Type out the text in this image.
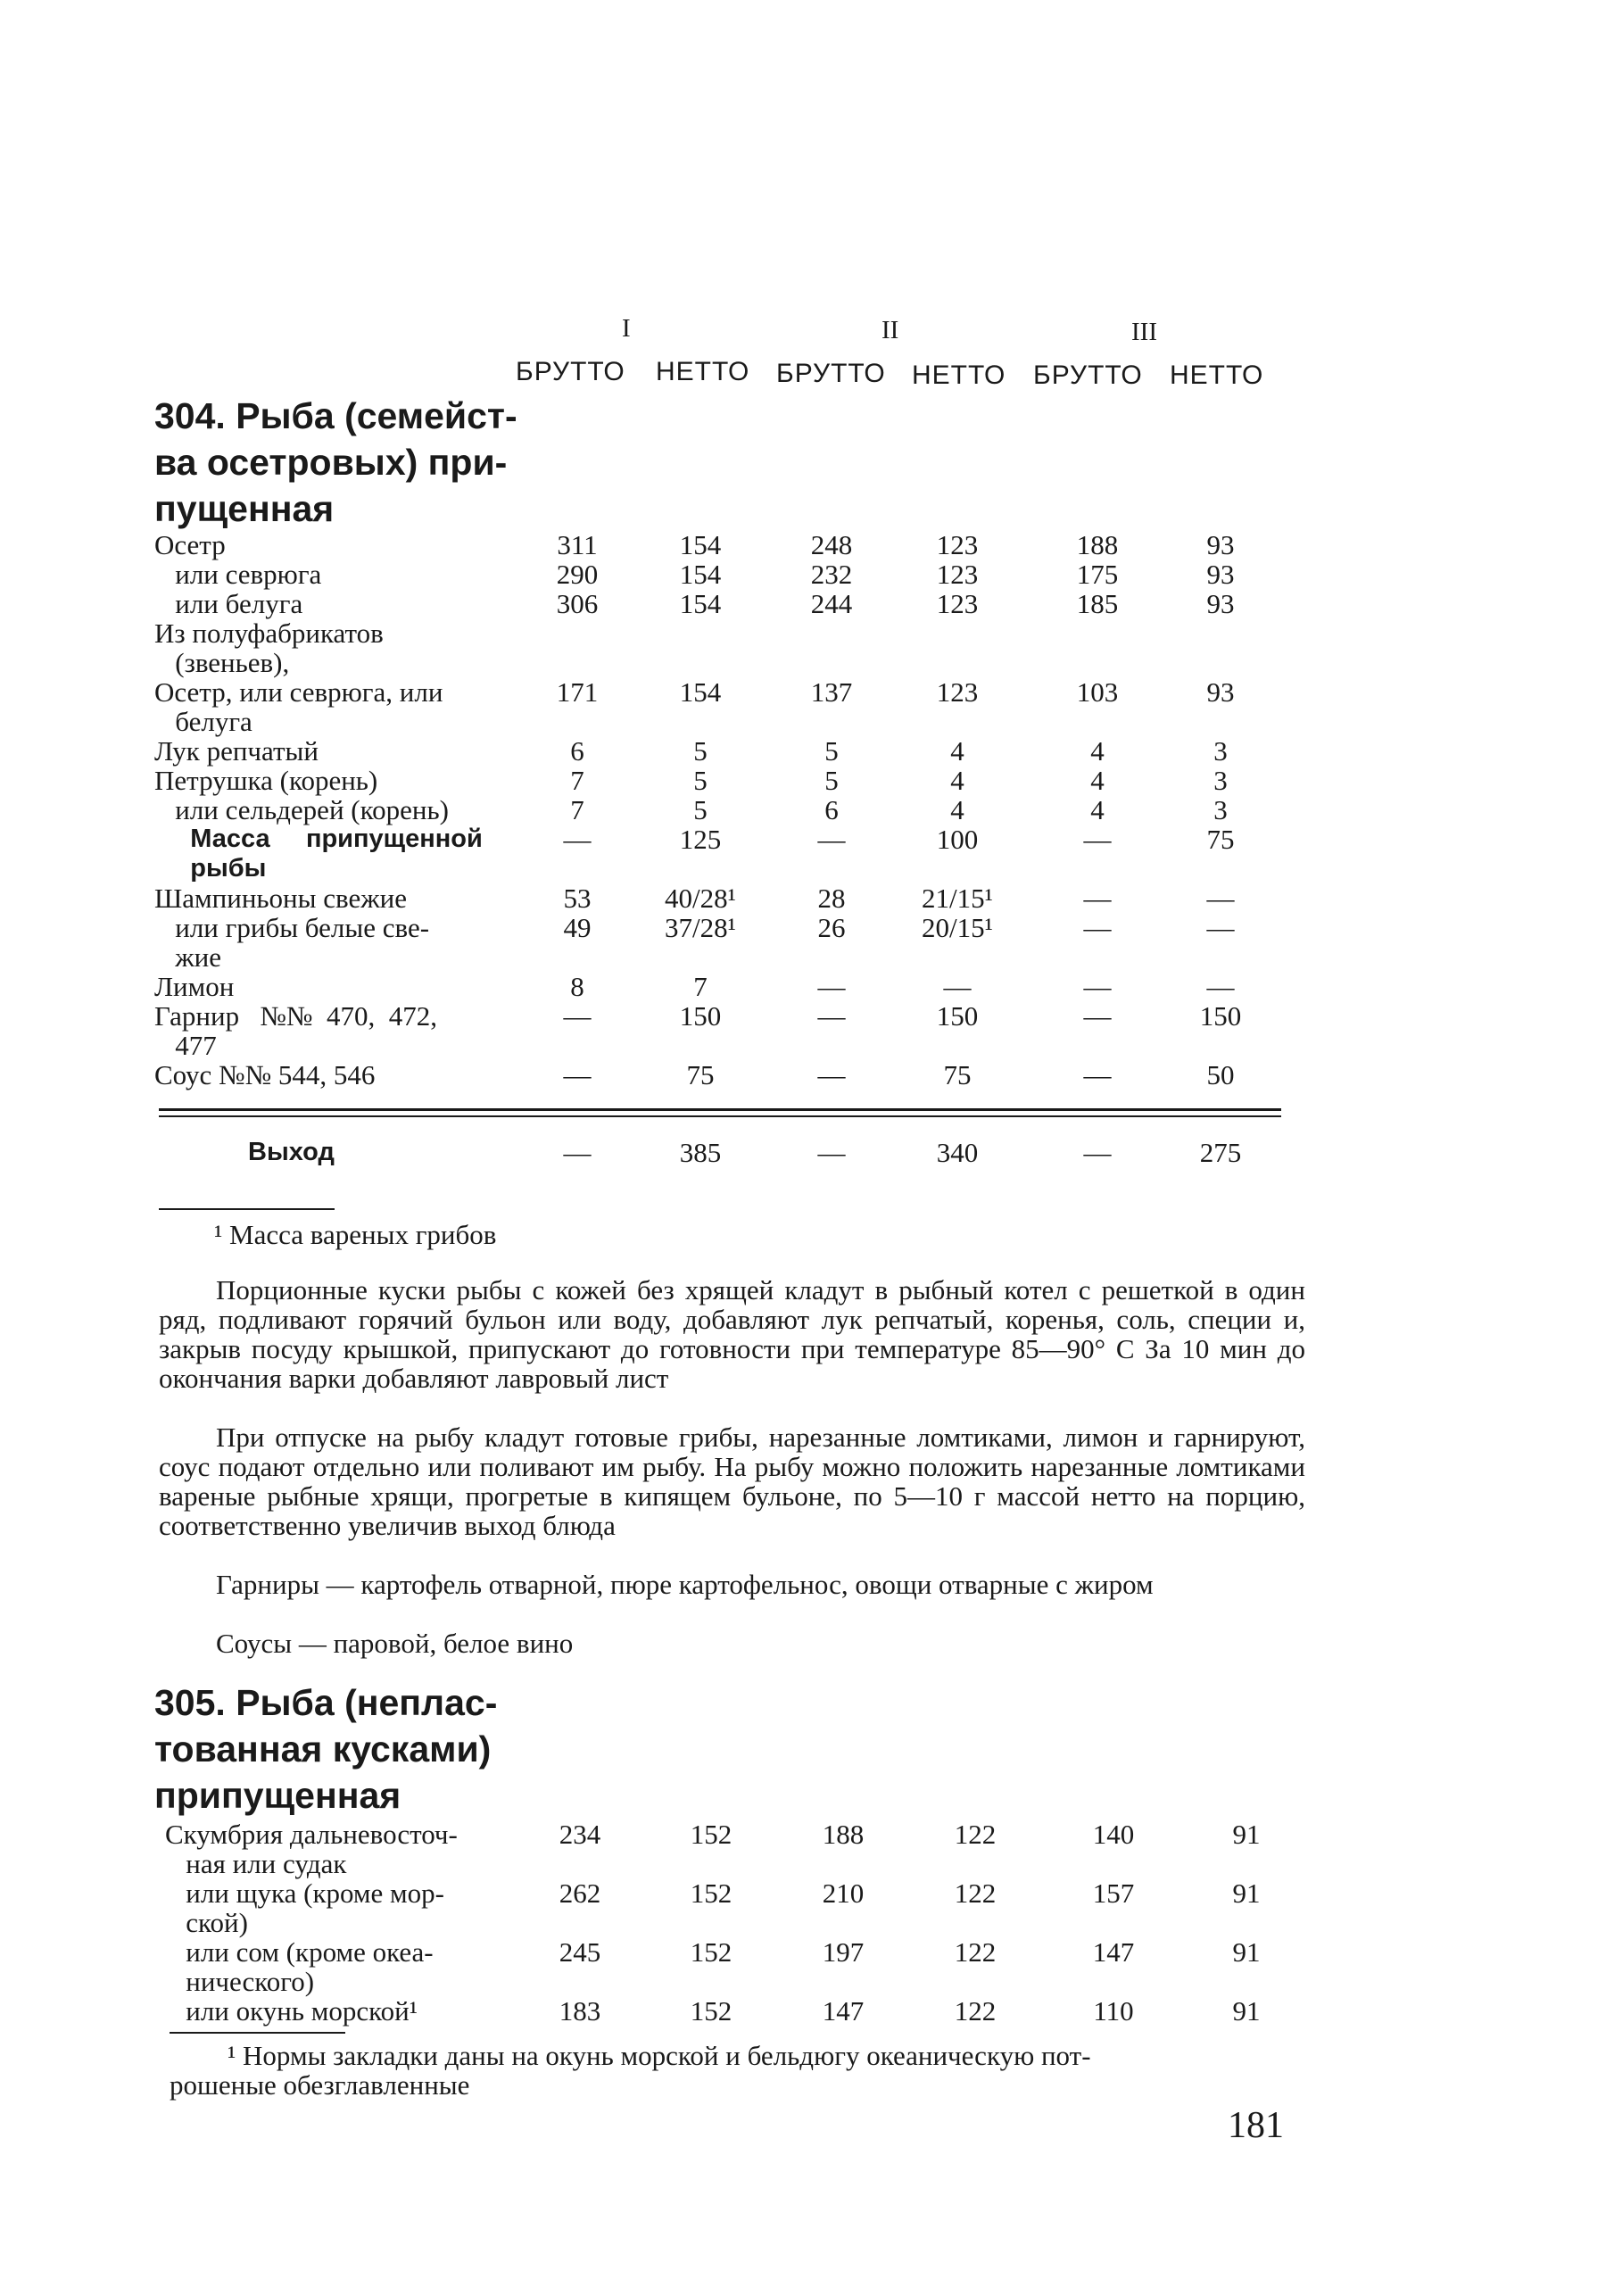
I	II	III
БРУТТО НЕТТО БРУТТО НЕТТО БРУТТО НЕТТО
304. Рыба (семейст-
ва осетровых) при-
пущенная
Осетр	311	154	248	123	188	93
или севрюга	290	154	232	123	175	93
или белуга	306	154	244	123	185	93
Из полуфабрикатов
(звеньев),
Осетр, или севрюга, или	171	154	137	123	103	93
белуга
Лук репчатый	6	5	5	4	4	3
Петрушка (корень)	7	5	5	4	4	3
или сельдерей (корень)	7	5	6	4	4	3
Масса     припущенной	—	125	—	100	—	75
рыбы
Шампиньоны свежие	53	40/28¹	28	21/15¹	—	—
или грибы белые све-	49	37/28¹	26	20/15¹	—	—
жие
Лимон	8	7	—	—	—	—
Гарнир   №№  470,  472,	—	150	—	150	—	150
477
Соус №№ 544, 546	—	75	—	75	—	50
Выход	—	385	—	340	—	275
¹ Масса вареных грибов
Порционные куски рыбы с кожей без хрящей кладут в рыбный котел с решеткой в один ряд, подливают горячий бульон или воду, добавляют лук репчатый, коренья, соль, специи и, закрыв посуду крышкой, припускают до готовности при температуре 85—90° С За 10 мин до окончания варки добавляют лавровый лист
При отпуске на рыбу кладут готовые грибы, нарезанные ломтиками, лимон и гарнируют, соус подают отдельно или поливают им рыбу. На рыбу можно положить нарезанные ломтиками вареные рыбные хрящи, прогретые в кипящем бульоне, по 5—10 г массой нетто на порцию, соответственно увеличив выход блюда
Гарниры — картофель отварной, пюре картофельнос, овощи отварные с жиром
Соусы — паровой, белое вино
305. Рыба (неплас-
тованная кусками)
припущенная
Скумбрия дальневосточ-	234	152	188	122	140	91
ная или судак
или щука (кроме мор-	262	152	210	122	157	91
ской)
или сом (кроме океа-	245	152	197	122	147	91
нического)
или окунь морской¹	183	152	147	122	110	91
¹ Нормы закладки даны на окунь морской и бельдюгу океаническую пот-
рошеные обезглавленные
181
